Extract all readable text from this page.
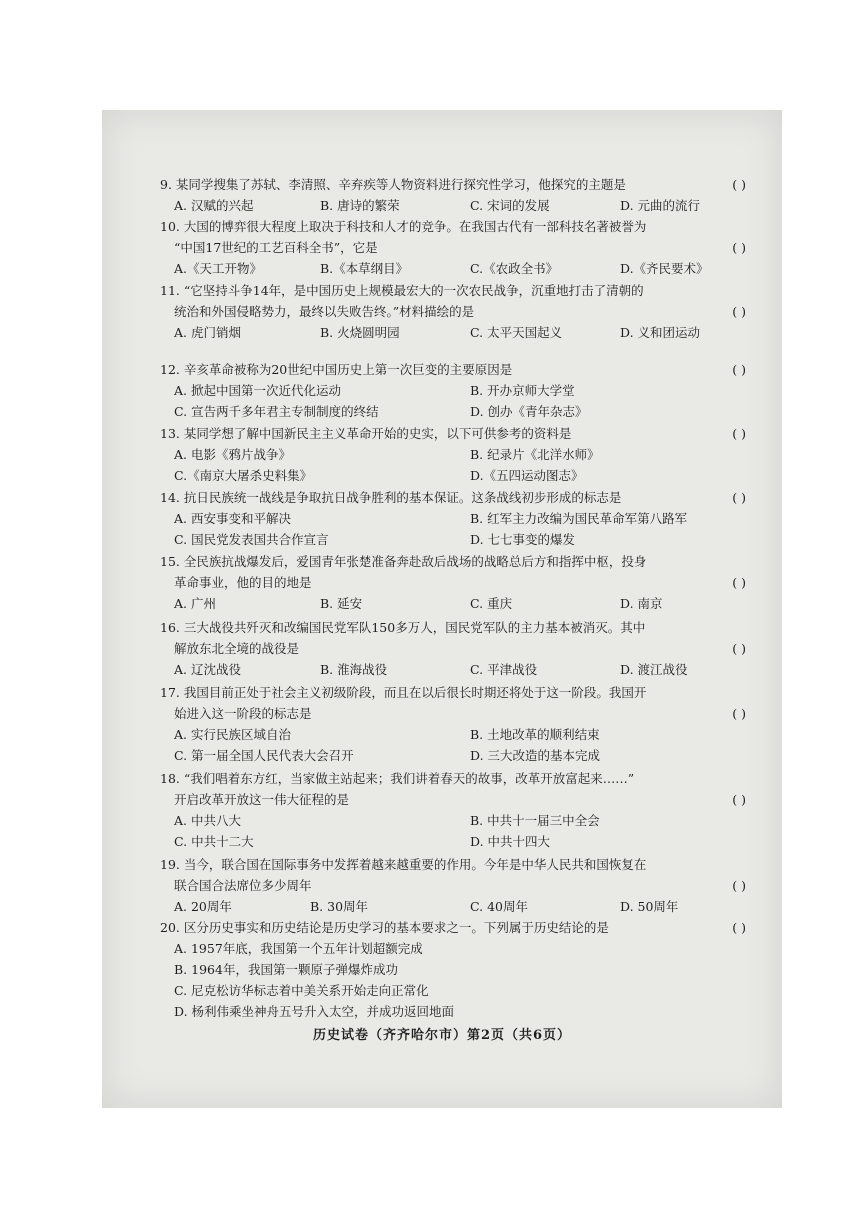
9. 某同学搜集了苏轼、李清照、辛弃疾等人物资料进行探究性学习，他探究的主题是	( )
A. 汉赋的兴起	B. 唐诗的繁荣	C. 宋词的发展	D. 元曲的流行
10. 大国的博弈很大程度上取决于科技和人才的竞争。在我国古代有一部科技名著被誉为
“中国17世纪的工艺百科全书”，它是	( )
A.《天工开物》	B.《本草纲目》	C.《农政全书》	D.《齐民要术》
11. “它坚持斗争14年，是中国历史上规模最宏大的一次农民战争，沉重地打击了清朝的
统治和外国侵略势力，最终以失败告终。”材料描绘的是	( )
A. 虎门销烟	B. 火烧圆明园	C. 太平天国起义	D. 义和团运动
12. 辛亥革命被称为20世纪中国历史上第一次巨变的主要原因是	( )
A. 掀起中国第一次近代化运动	B. 开办京师大学堂
C. 宣告两千多年君主专制制度的终结	D. 创办《青年杂志》
13. 某同学想了解中国新民主主义革命开始的史实，以下可供参考的资料是	( )
A. 电影《鸦片战争》	B. 纪录片《北洋水师》
C.《南京大屠杀史料集》	D.《五四运动图志》
14. 抗日民族统一战线是争取抗日战争胜利的基本保证。这条战线初步形成的标志是	( )
A. 西安事变和平解决	B. 红军主力改编为国民革命军第八路军
C. 国民党发表国共合作宣言	D. 七七事变的爆发
15. 全民族抗战爆发后，爱国青年张楚准备奔赴敌后战场的战略总后方和指挥中枢，投身
革命事业，他的目的地是	( )
A. 广州	B. 延安	C. 重庆	D. 南京
16. 三大战役共歼灭和改编国民党军队150多万人，国民党军队的主力基本被消灭。其中
解放东北全境的战役是	( )
A. 辽沈战役	B. 淮海战役	C. 平津战役	D. 渡江战役
17. 我国目前正处于社会主义初级阶段，而且在以后很长时期还将处于这一阶段。我国开
始进入这一阶段的标志是	( )
A. 实行民族区域自治	B. 土地改革的顺利结束
C. 第一届全国人民代表大会召开	D. 三大改造的基本完成
18. “我们唱着东方红，当家做主站起来；我们讲着春天的故事，改革开放富起来……”
开启改革开放这一伟大征程的是	( )
A. 中共八大	B. 中共十一届三中全会
C. 中共十二大	D. 中共十四大
19. 当今，联合国在国际事务中发挥着越来越重要的作用。今年是中华人民共和国恢复在
联合国合法席位多少周年	( )
A. 20周年	B. 30周年	C. 40周年	D. 50周年
20. 区分历史事实和历史结论是历史学习的基本要求之一。下列属于历史结论的是	( )
A. 1957年底，我国第一个五年计划超额完成
B. 1964年，我国第一颗原子弹爆炸成功
C. 尼克松访华标志着中美关系开始走向正常化
D. 杨利伟乘坐神舟五号升入太空，并成功返回地面
历史试卷（齐齐哈尔市）第2页（共6页）
